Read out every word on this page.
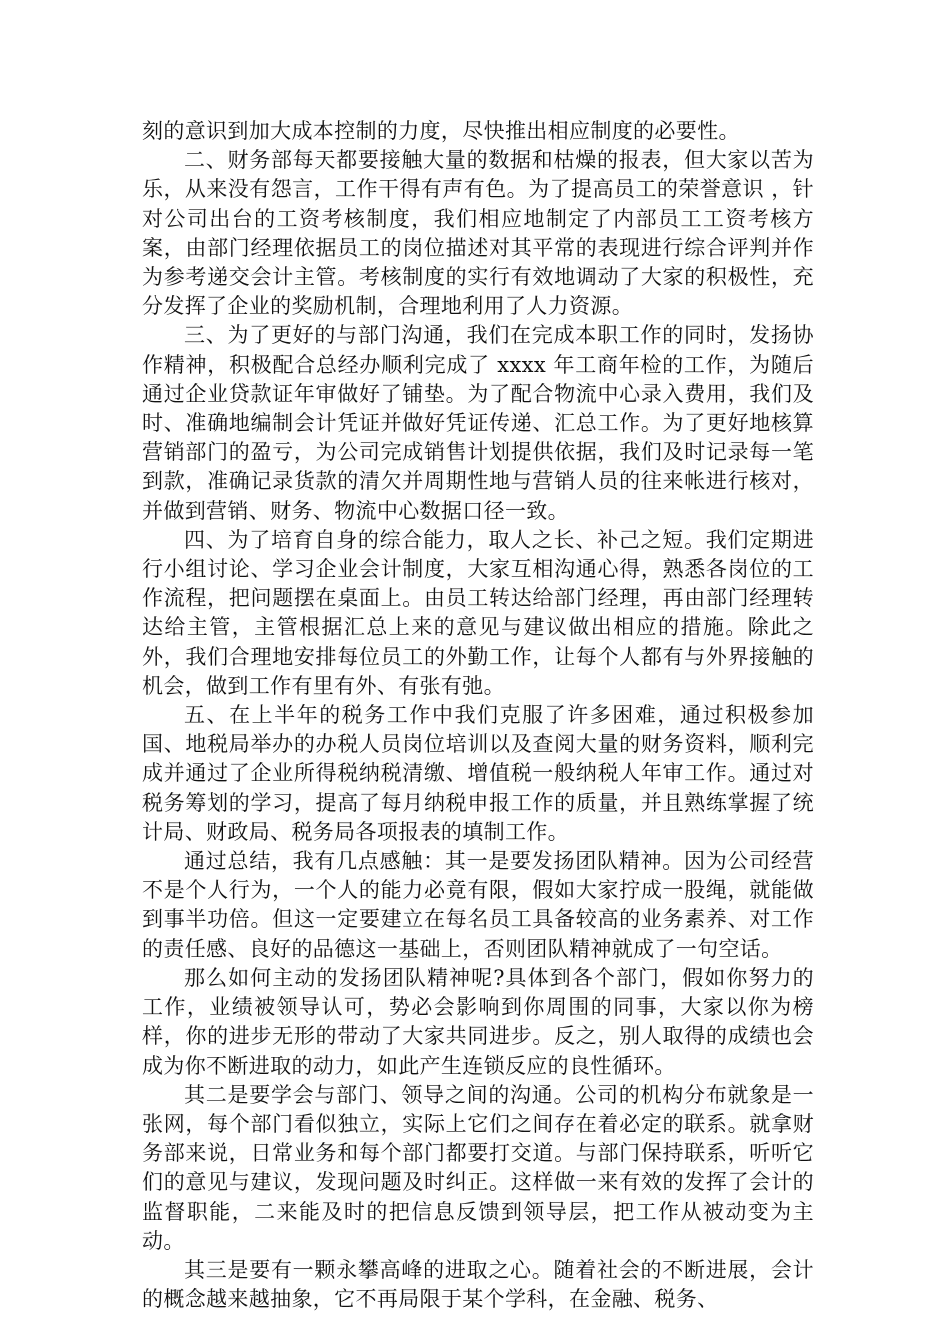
刻的意识到加大成本控制的力度，尽快推出相应制度的必要性。

二、财务部每天都要接触大量的数据和枯燥的报表，但大家以苦为乐，从来没有怨言，工作干得有声有色。为了提高员工的荣誉意识 ，针对公司出台的工资考核制度，我们相应地制定了内部员工工资考核方案，由部门经理依据员工的岗位描述对其平常的表现进行综合评判并作为参考递交会计主管。考核制度的实行有效地调动了大家的积极性，充分发挥了企业的奖励机制，合理地利用了人力资源。

三、为了更好的与部门沟通，我们在完成本职工作的同时，发扬协作精神，积极配合总经办顺利完成了 xxxx 年工商年检的工作，为随后通过企业贷款证年审做好了铺垫。为了配合物流中心录入费用，我们及时、准确地编制会计凭证并做好凭证传递、汇总工作。为了更好地核算营销部门的盈亏，为公司完成销售计划提供依据，我们及时记录每一笔到款，准确记录货款的清欠并周期性地与营销人员的往来帐进行核对，并做到营销、财务、物流中心数据口径一致。

四、为了培育自身的综合能力，取人之长、补己之短。我们定期进行小组讨论、学习企业会计制度，大家互相沟通心得，熟悉各岗位的工作流程，把问题摆在桌面上。由员工转达给部门经理，再由部门经理转达给主管，主管根据汇总上来的意见与建议做出相应的措施。除此之外，我们合理地安排每位员工的外勤工作，让每个人都有与外界接触的机会，做到工作有里有外、有张有弛。

五、在上半年的税务工作中我们克服了许多困难，通过积极参加国、地税局举办的办税人员岗位培训以及查阅大量的财务资料，顺利完成并通过了企业所得税纳税清缴、增值税一般纳税人年审工作。通过对税务筹划的学习，提高了每月纳税申报工作的质量，并且熟练掌握了统计局、财政局、税务局各项报表的填制工作。

通过总结，我有几点感触：其一是要发扬团队精神。因为公司经营不是个人行为，一个人的能力必竟有限，假如大家拧成一股绳，就能做到事半功倍。但这一定要建立在每名员工具备较高的业务素养、对工作的责任感、良好的品德这一基础上，否则团队精神就成了一句空话。

那么如何主动的发扬团队精神呢?具体到各个部门，假如你努力的工作，业绩被领导认可，势必会影响到你周围的同事，大家以你为榜样，你的进步无形的带动了大家共同进步。反之，别人取得的成绩也会成为你不断进取的动力，如此产生连锁反应的良性循环。

其二是要学会与部门、领导之间的沟通。公司的机构分布就象是一张网，每个部门看似独立，实际上它们之间存在着必定的联系。就拿财务部来说，日常业务和每个部门都要打交道。与部门保持联系，听听它们的意见与建议，发现问题及时纠正。这样做一来有效的发挥了会计的监督职能，二来能及时的把信息反馈到领导层，把工作从被动变为主动。

其三是要有一颗永攀高峰的进取之心。随着社会的不断进展，会计的概念越来越抽象，它不再局限于某个学科，在金融、税务、
